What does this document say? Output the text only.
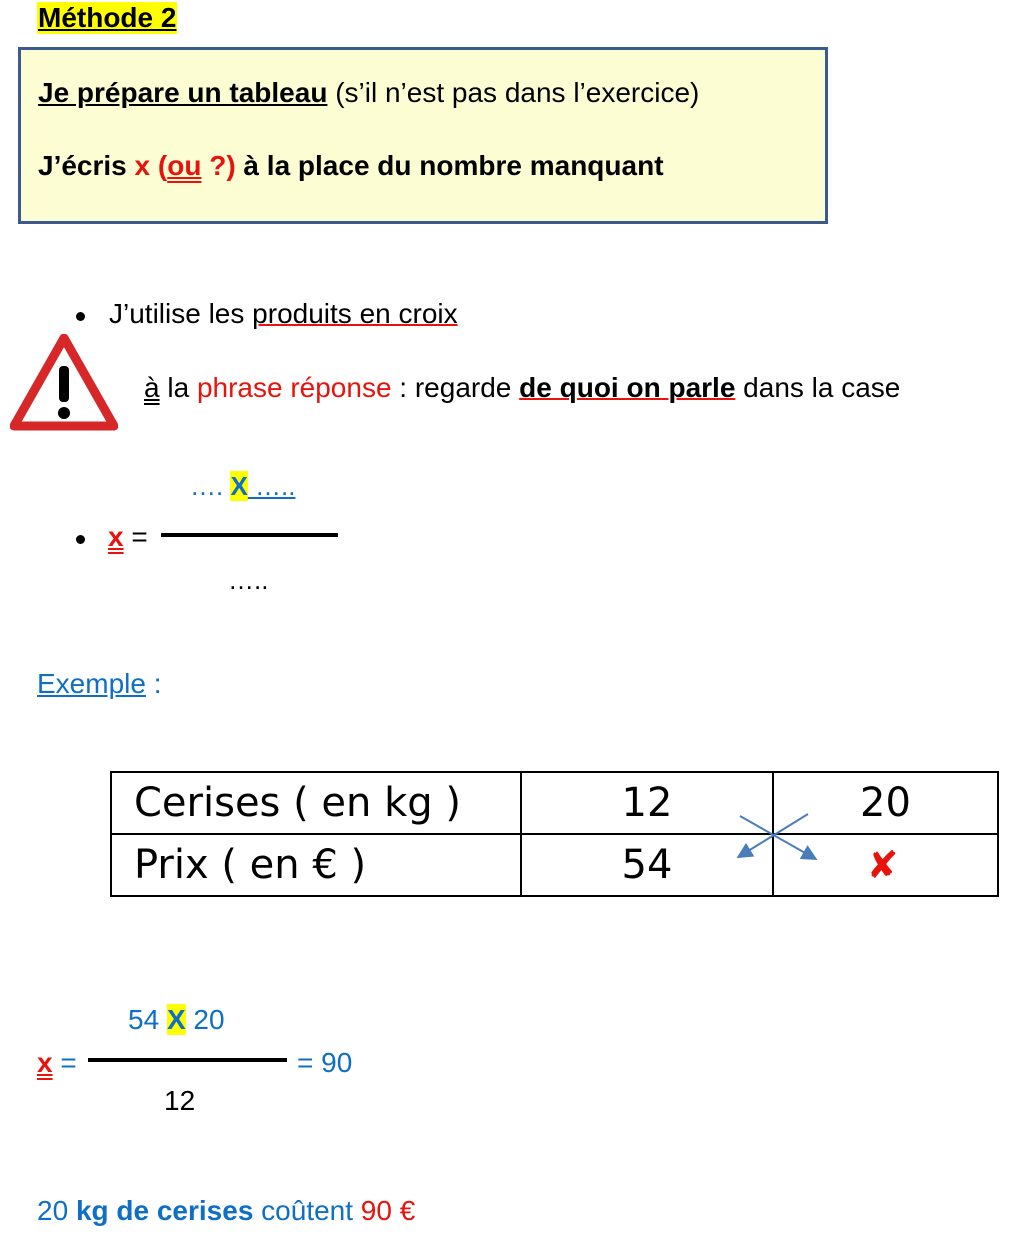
Méthode 2
Je prépare un tableau (s’il n’est pas dans l’exercice)
J’écris x (ou ?) à la place du nombre manquant
J’utilise les produits en croix
à la phrase réponse : regarde de quoi on parle dans la case
…. X …..
x =
…..
Exemple :
Cerises ( en kg )	12	20
Prix ( en € )	54	✘
54 X 20
x =	= 90
12
20 kg de cerises coûtent 90 €
